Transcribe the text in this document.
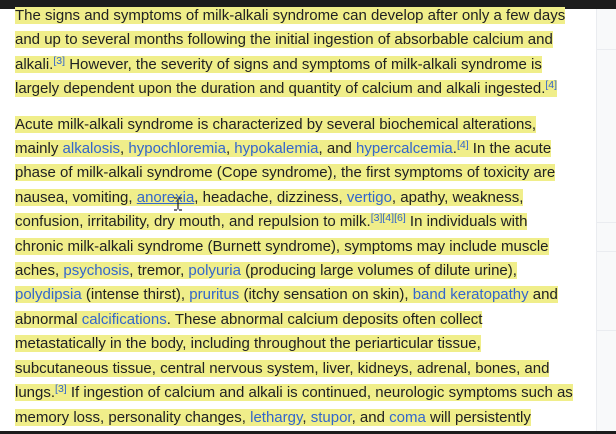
The signs and symptoms of milk-alkali syndrome can develop after only a few days and up to several months following the initial ingestion of absorbable calcium and alkali.[3] However, the severity of signs and symptoms of milk-alkali syndrome is largely dependent upon the duration and quantity of calcium and alkali ingested.[4]

Acute milk-alkali syndrome is characterized by several biochemical alterations, mainly alkalosis, hypochloremia, hypokalemia, and hypercalcemia.[4] In the acute phase of milk-alkali syndrome (Cope syndrome), the first symptoms of toxicity are nausea, vomiting, anorexia, headache, dizziness, vertigo, apathy, weakness, confusion, irritability, dry mouth, and repulsion to milk.[3][4][6] In individuals with chronic milk-alkali syndrome (Burnett syndrome), symptoms may include muscle aches, psychosis, tremor, polyuria (producing large volumes of dilute urine), polydipsia (intense thirst), pruritus (itchy sensation on skin), band keratopathy and abnormal calcifications. These abnormal calcium deposits often collect metastatically in the body, including throughout the periarticular tissue, subcutaneous tissue, central nervous system, liver, kidneys, adrenal, bones, and lungs.[3] If ingestion of calcium and alkali is continued, neurologic symptoms such as memory loss, personality changes, lethargy, stupor, and coma will persistently
